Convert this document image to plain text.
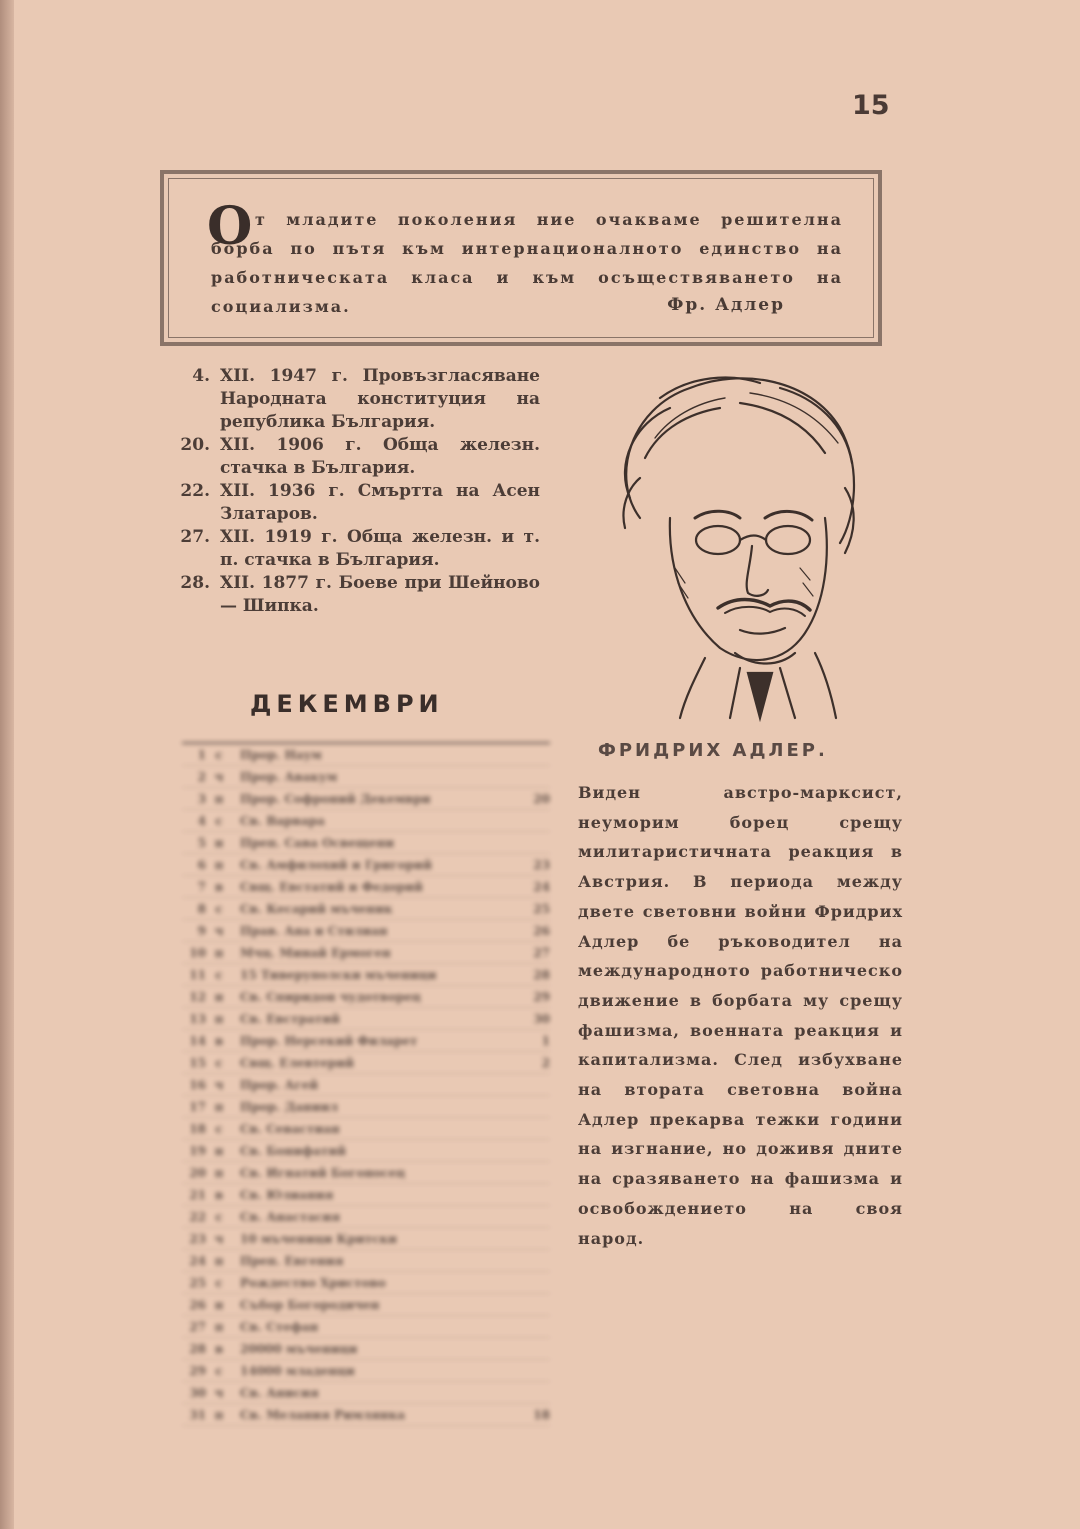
15
О т младите поколения ние очакваме решителна борба по пътя към интернационалното единство на работническата класа и към осъществяването на социализма.	Фр. Адлер
4. XII. 1947 г. Провъзгласяване Народната конституция на република България.
20. XII. 1906 г. Обща железн. стачка в България.
22. XII. 1936 г. Смъртта на Асен Златаров.
27. XII. 1919 г. Обща железн. и т. п. стачка в България.
28. XII. 1877 г. Боеве при Шейново — Шипка.
ДЕКЕМВРИ
1 с	Прор. Наум
2 ч	Прор. Авакум
3 п	Прор. Софроний Декември	20
4 с	Св. Варвара
5 н	Преп. Сава Освещени
6 п	Св. Амфилохий и Григорий	23
7 в	Свщ. Евстатий и Федорий	24
8 с	Св. Кесарий мъченик	25
9 ч	Прав. Ана и Стилиан	26
10 п	Мчц. Минай Ермоген	27
11 с	15 Тиверуполски мъченици	28
12 н	Св. Спиридон чудотворец	29
13 п	Св. Евстратий	30
14 в	Прор. Нерсекий Филарет	1
15 с	Свщ. Елевтерий	2
16 ч	Прор. Агей
17 п	Прор. Даниил
18 с	Св. Севастиан
19 н	Св. Бонифатий
20 п	Св. Игнатий Богоносец
21 в	Св. Юлиания
22 с	Св. Анастасия
23 ч	10 мъченици Критски
24 п	Преп. Евгения
25 с	Рождество Христово
26 н	Събор Богородичен
27 п	Св. Стефан
28 в	20000 мъченици
29 с	14000 младенци
30 ч	Св. Анисия
31 п	Св. Мелания Римлянка	18
ФРИДРИХ АДЛЕР.

Виден австро-марксист, неуморим борец срещу милитаристичната реакция в Австрия. В периода между двете световни войни Фридрих Адлер бе ръководител на международното работническо движение в борбата му срещу фашизма, военната реакция и капитализма. След избухване на втората световна война Адлер прекарва тежки години на изгнание, но доживя дните на сразяването на фашизма и освобождението на своя народ.
